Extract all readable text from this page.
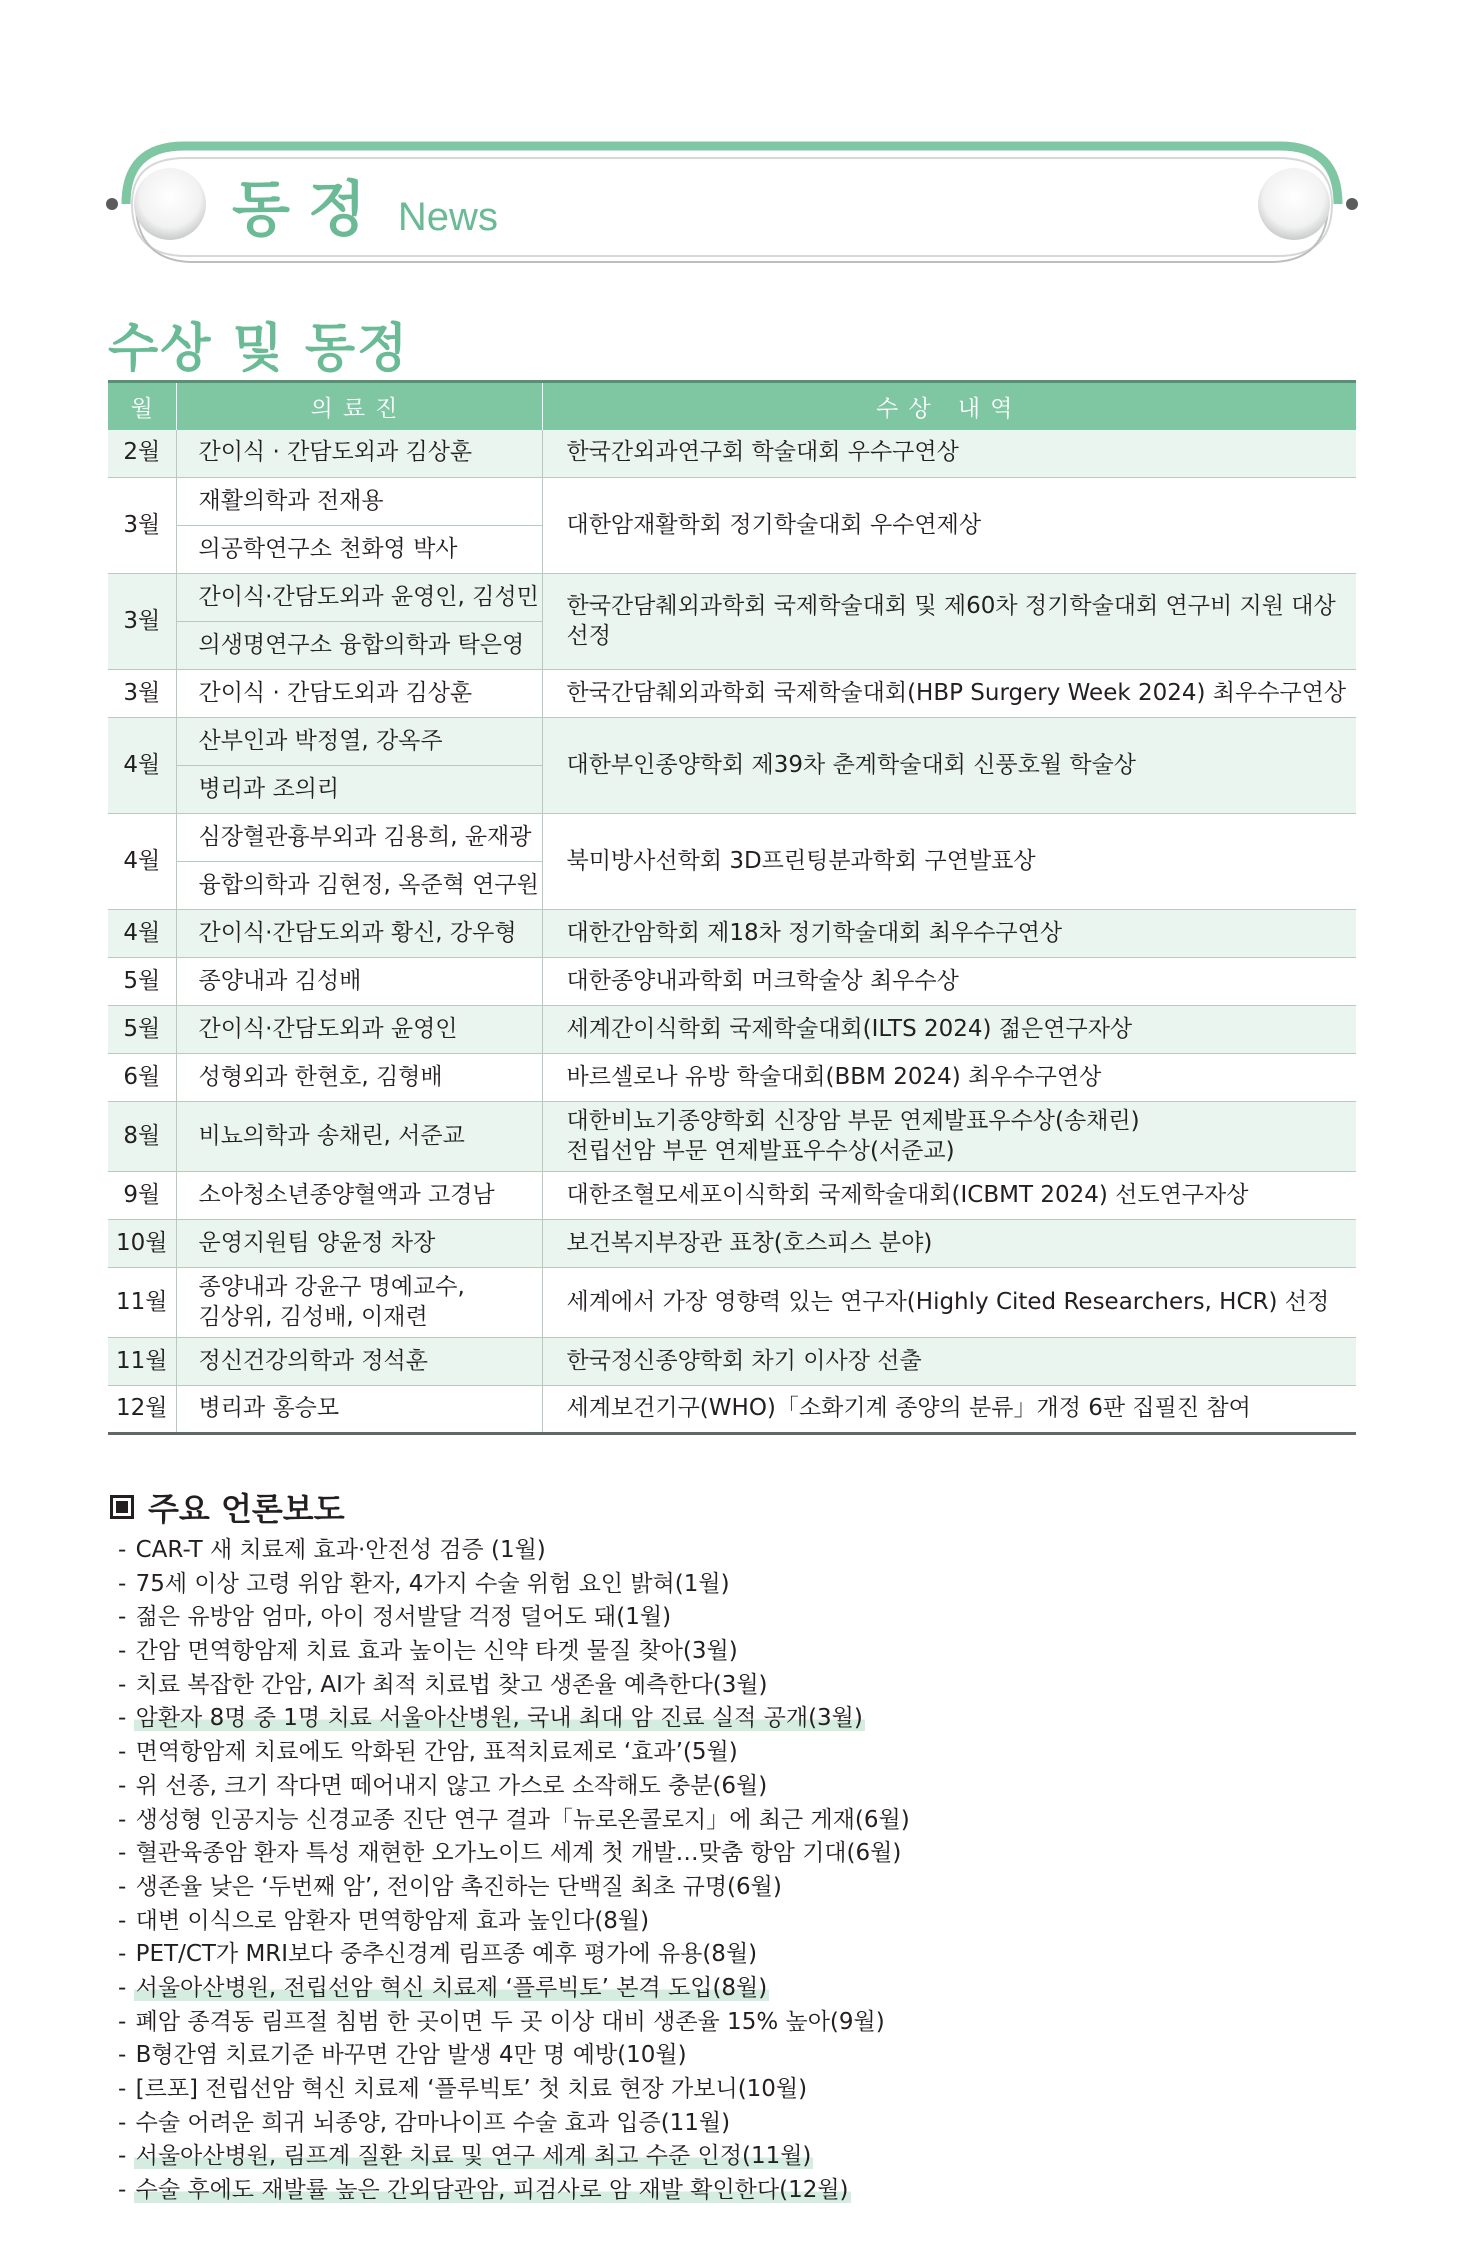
동정 News
수상 및 동정
월	의료진	수상 내역
2월	간이식 · 간담도외과 김상훈	한국간외과연구회 학술대회 우수구연상
3월	재활의학과 전재용	대한암재활학회 정기학술대회 우수연제상
	의공학연구소 천화영 박사	
3월	간이식·간담도외과 윤영인, 김성민	한국간담췌외과학회 국제학술대회 및 제60차 정기학술대회 연구비 지원 대상 선정
	의생명연구소 융합의학과 탁은영	
3월	간이식 · 간담도외과 김상훈	한국간담췌외과학회 국제학술대회(HBP Surgery Week 2024) 최우수구연상
4월	산부인과 박정열, 강옥주	대한부인종양학회 제39차 춘계학술대회 신풍호월 학술상
	병리과 조의리	
4월	심장혈관흉부외과 김용희, 윤재광	북미방사선학회 3D프린팅분과학회 구연발표상
	융합의학과 김현정, 옥준혁 연구원	
4월	간이식·간담도외과 황신, 강우형	대한간암학회 제18차 정기학술대회 최우수구연상
5월	종양내과 김성배	대한종양내과학회 머크학술상 최우수상
5월	간이식·간담도외과 윤영인	세계간이식학회 국제학술대회(ILTS 2024) 젊은연구자상
6월	성형외과 한현호, 김형배	바르셀로나 유방 학술대회(BBM 2024) 최우수구연상
8월	비뇨의학과 송채린, 서준교	대한비뇨기종양학회 신장암 부문 연제발표우수상(송채린)
전립선암 부문 연제발표우수상(서준교)

9월	소아청소년종양혈액과 고경남	대한조혈모세포이식학회 국제학술대회(ICBMT 2024) 선도연구자상
10월	운영지원팀 양윤정 차장	보건복지부장관 표창(호스피스 분야)
11월	종양내과 강윤구 명예교수,
김상위, 김성배, 이재련	세계에서 가장 영향력 있는 연구자(Highly Cited Researchers, HCR) 선정
11월	정신건강의학과 정석훈	한국정신종양학회 차기 이사장 선출
12월	병리과 홍승모	세계보건기구(WHO)「소화기계 종양의 분류」개정 6판 집필진 참여
주요 언론보도
- CAR-T 새 치료제 효과·안전성 검증 (1월)
- 75세 이상 고령 위암 환자, 4가지 수술 위험 요인 밝혀(1월)
- 젊은 유방암 엄마, 아이 정서발달 걱정 덜어도 돼(1월)
- 간암 면역항암제 치료 효과 높이는 신약 타겟 물질 찾아(3월)
- 치료 복잡한 간암, AI가 최적 치료법 찾고 생존율 예측한다(3월)
- 암환자 8명 중 1명 치료 서울아산병원, 국내 최대 암 진료 실적 공개(3월)
- 면역항암제 치료에도 악화된 간암, 표적치료제로 ‘효과’(5월)
- 위 선종, 크기 작다면 떼어내지 않고 가스로 소작해도 충분(6월)
- 생성형 인공지능 신경교종 진단 연구 결과「뉴로온콜로지」에 최근 게재(6월)
- 혈관육종암 환자 특성 재현한 오가노이드 세계 첫 개발…맞춤 항암 기대(6월)
- 생존율 낮은 ‘두번째 암’, 전이암 촉진하는 단백질 최초 규명(6월)
- 대변 이식으로 암환자 면역항암제 효과 높인다(8월)
- PET/CT가 MRI보다 중추신경계 림프종 예후 평가에 유용(8월)
- 서울아산병원, 전립선암 혁신 치료제 ‘플루빅토’ 본격 도입(8월)
- 폐암 종격동 림프절 침범 한 곳이면 두 곳 이상 대비 생존율 15% 높아(9월)
- B형간염 치료기준 바꾸면 간암 발생 4만 명 예방(10월)
- [르포] 전립선암 혁신 치료제 ‘플루빅토’ 첫 치료 현장 가보니(10월)
- 수술 어려운 희귀 뇌종양, 감마나이프 수술 효과 입증(11월)
- 서울아산병원, 림프계 질환 치료 및 연구 세계 최고 수준 인정(11월)
- 수술 후에도 재발률 높은 간외담관암, 피검사로 암 재발 확인한다(12월)
